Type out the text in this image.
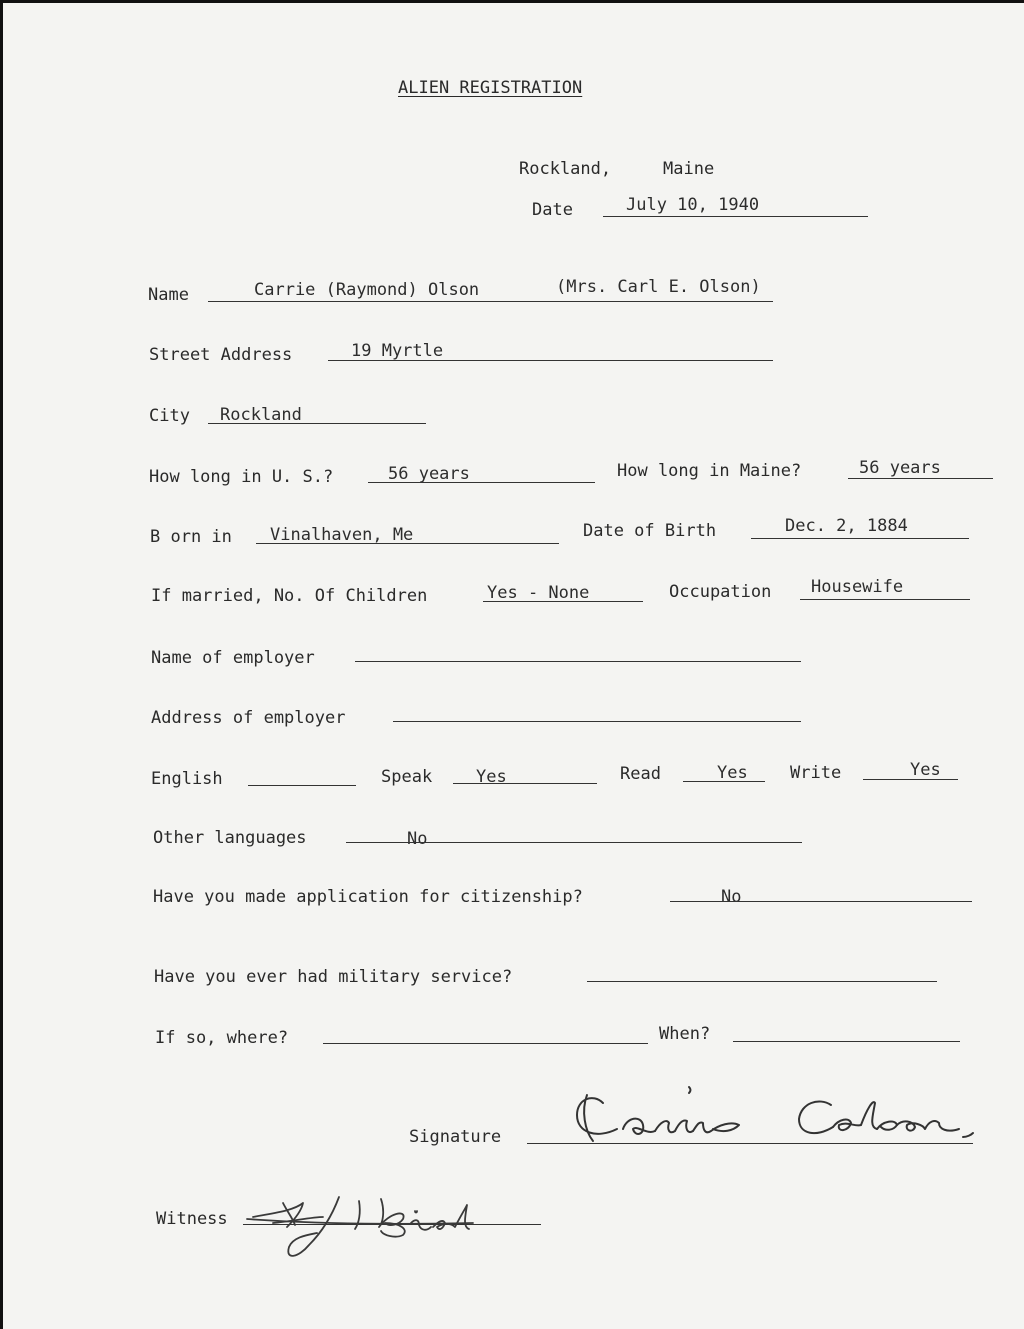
ALIEN REGISTRATION
Rockland,	Maine
Date	July 10, 1940
Name	Carrie (Raymond) Olson	(Mrs. Carl E. Olson)
Street Address	19 Myrtle
City Rockland
How long in U. S.?	56 years	How long in Maine?	56 years
B orn in Vinalhaven, Me	Date of Birth	Dec. 2, 1884
If married, No. Of Children	Yes - None	Occupation Housewife
Name of employer
Address of employer
English	Speak	Yes	Read	Yes Write	Yes
Other languages	No
Have you made application for citizenship?	No
Have you ever had military service?
If so, where?	When?
Signature
Witness
